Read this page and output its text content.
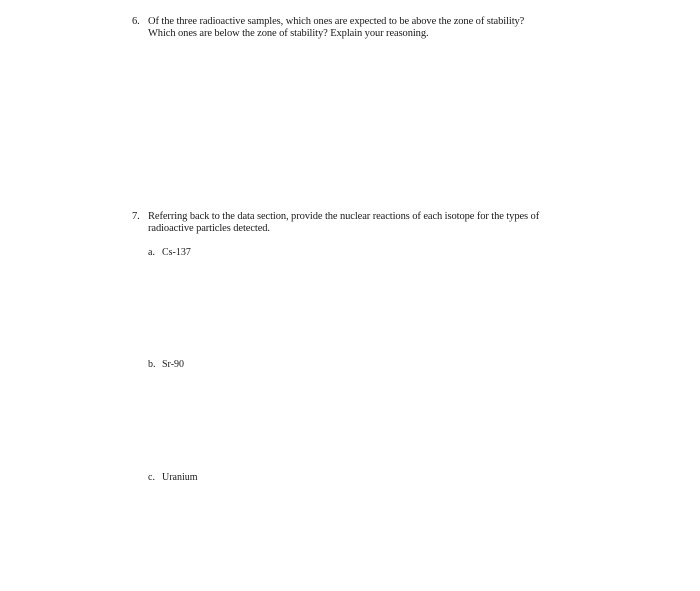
6. Of the three radioactive samples, which ones are expected to be above the zone of stability?
Which ones are below the zone of stability? Explain your reasoning.
7. Referring back to the data section, provide the nuclear reactions of each isotope for the types of
radioactive particles detected.
a. Cs-137
b. Sr-90
c. Uranium
